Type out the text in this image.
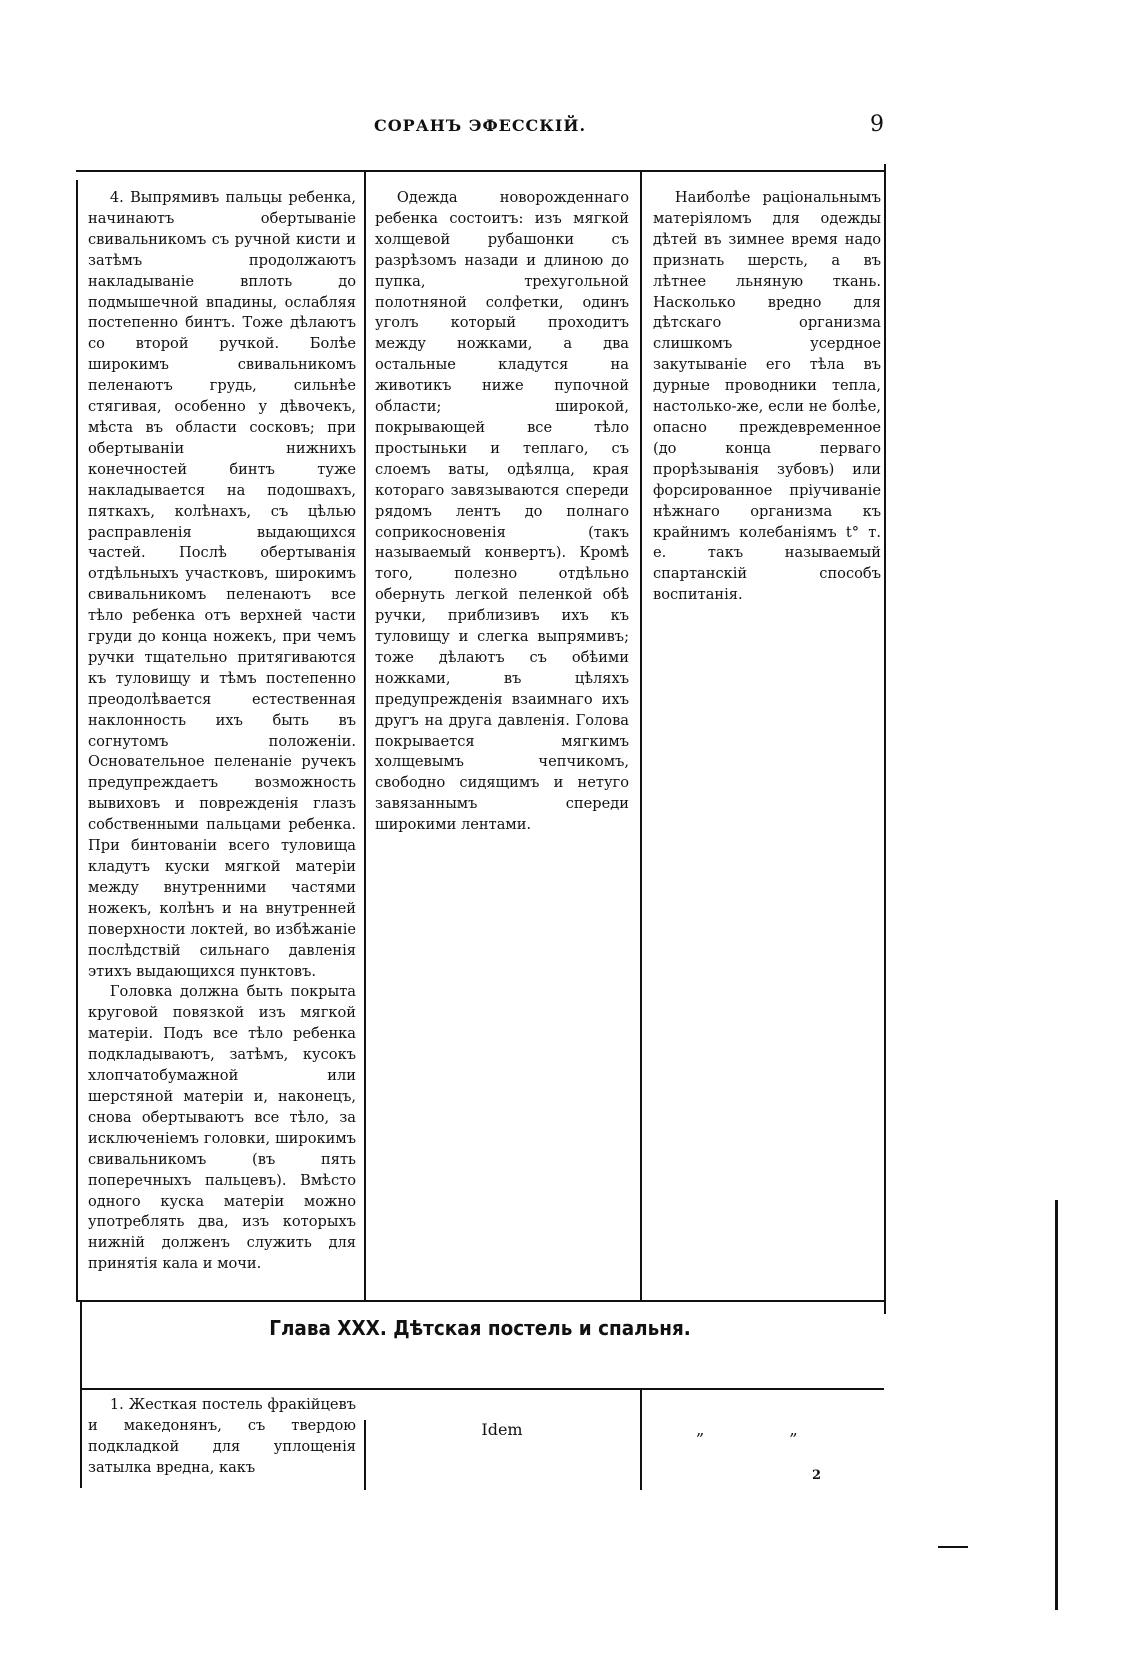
СОРАНЪ ЭФЕССКІЙ.	9

4. Выпрямивъ пальцы ребенка, начинаютъ обертываніе свивальникомъ съ ручной кисти и затѣмъ продолжаютъ накладываніе вплоть до подмышечной впадины, ослабляя постепенно бинтъ. Тоже дѣлаютъ со второй ручкой. Болѣе широкимъ свивальникомъ пеленаютъ грудь, сильнѣе стягивая, особенно у дѣвочекъ, мѣста въ области сосковъ; при обертываніи нижнихъ конечностей бинтъ туже накладывается на подошвахъ, пяткахъ, колѣнахъ, съ цѣлью расправленія выдающихся частей. Послѣ обертыванія отдѣльныхъ участковъ, широкимъ свивальникомъ пеленаютъ все тѣло ребенка отъ верхней части груди до конца ножекъ, при чемъ ручки тщательно притягиваются къ туловищу и тѣмъ постепенно преодолѣвается естественная наклонность ихъ быть въ согнутомъ положеніи. Основательное пеленаніе ручекъ предупреждаетъ возможность вывиховъ и поврежденія глазъ собственными пальцами ребенка. При бинтованіи всего туловища кладутъ куски мягкой матеріи между внутренними частями ножекъ, колѣнъ и на внутренней поверхности локтей, во избѣжаніе послѣдствій сильнаго давленія этихъ выдающихся пунктовъ.

Головка должна быть покрыта круговой повязкой изъ мягкой матеріи. Подъ все тѣло ребенка подкладываютъ, затѣмъ, кусокъ хлопчатобумажной или шерстяной матеріи и, наконецъ, снова обертываютъ все тѣло, за исключеніемъ головки, широкимъ свивальникомъ (въ пять поперечныхъ пальцевъ). Вмѣсто одного куска матеріи можно употреблять два, изъ которыхъ нижній долженъ служить для принятія кала и мочи.

Одежда новорожденнаго ребенка состоитъ: изъ мягкой холщевой рубашонки съ разрѣзомъ назади и длиною до пупка, трехугольной полотняной солфетки, одинъ уголъ который проходитъ между ножками, а два остальные кладутся на животикъ ниже пупочной области; широкой, покрывающей все тѣло простыньки и теплаго, съ слоемъ ваты, одѣялца, края котораго завязываются спереди рядомъ лентъ до полнаго соприкосновенія (такъ называемый конвертъ). Кромѣ того, полезно отдѣльно обернуть легкой пеленкой обѣ ручки, приблизивъ ихъ къ туловищу и слегка выпрямивъ; тоже дѣлаютъ съ обѣими ножками, въ цѣляхъ предупрежденія взаимнаго ихъ другъ на друга давленія. Голова покрывается мягкимъ холщевымъ чепчикомъ, свободно сидящимъ и нетуго завязаннымъ спереди широкими лентами.

Наиболѣе раціональнымъ матеріяломъ для одежды дѣтей въ зимнее время надо признать шерсть, а въ лѣтнее льняную ткань. Насколько вредно для дѣтскаго организма слишкомъ усердное закутываніе его тѣла въ дурные проводники тепла, настолько-же, если не болѣе, опасно преждевременное (до конца перваго прорѣзыванія зубовъ) или форсированное пріучиваніе нѣжнаго организма къ крайнимъ колебаніямъ t° т. е. такъ называемый спартанскій способъ воспитанія.

Глава XXX. Дѣтская постель и спальня.

1. Жесткая постель фракійцевъ и македонянъ, съ твердою подкладкой для уплощенія затылка вредна, какъ

Idem	„ „
2
